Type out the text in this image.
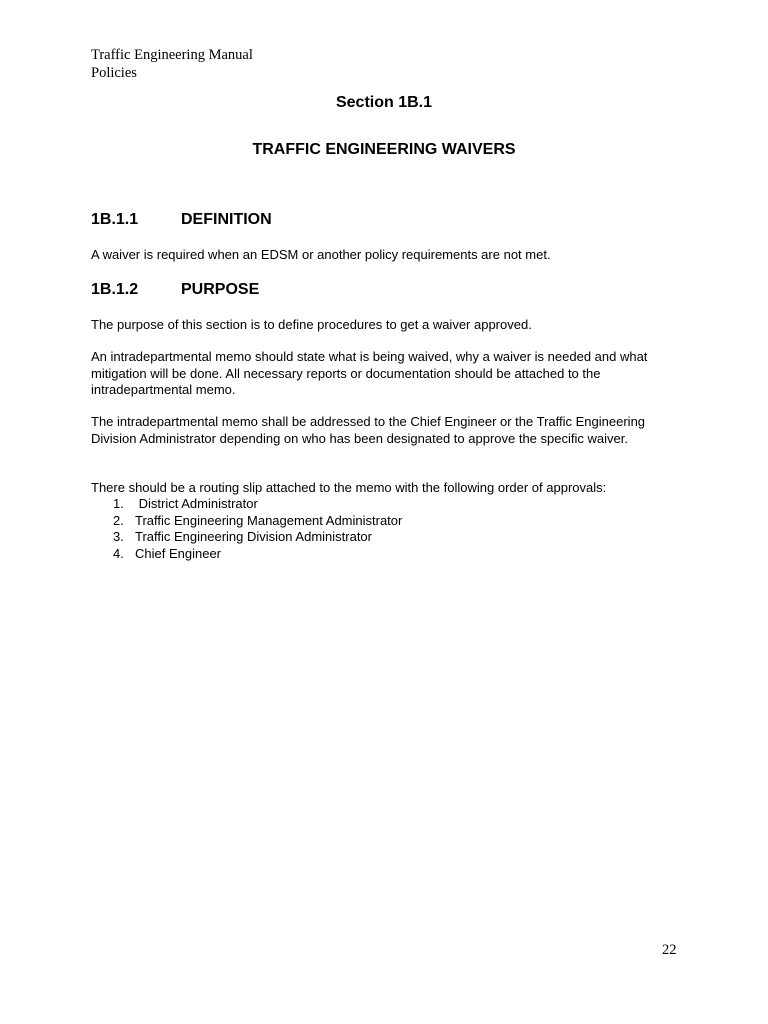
Traffic Engineering Manual
Policies
Section 1B.1
TRAFFIC ENGINEERING WAIVERS
1B.1.1	DEFINITION
A waiver is required when an EDSM or another policy requirements are not met.
1B.1.2	PURPOSE
The purpose of this section is to define procedures to get a waiver approved.
An intradepartmental memo should state what is being waived, why a waiver is needed and what mitigation will be done. All necessary reports or documentation should be attached to the intradepartmental memo.
The intradepartmental memo shall be addressed to the Chief Engineer or the Traffic Engineering Division Administrator depending on who has been designated to approve the specific waiver.
There should be a routing slip attached to the memo with the following order of approvals:
1. District Administrator
2. Traffic Engineering Management Administrator
3. Traffic Engineering Division Administrator
4. Chief Engineer
22
